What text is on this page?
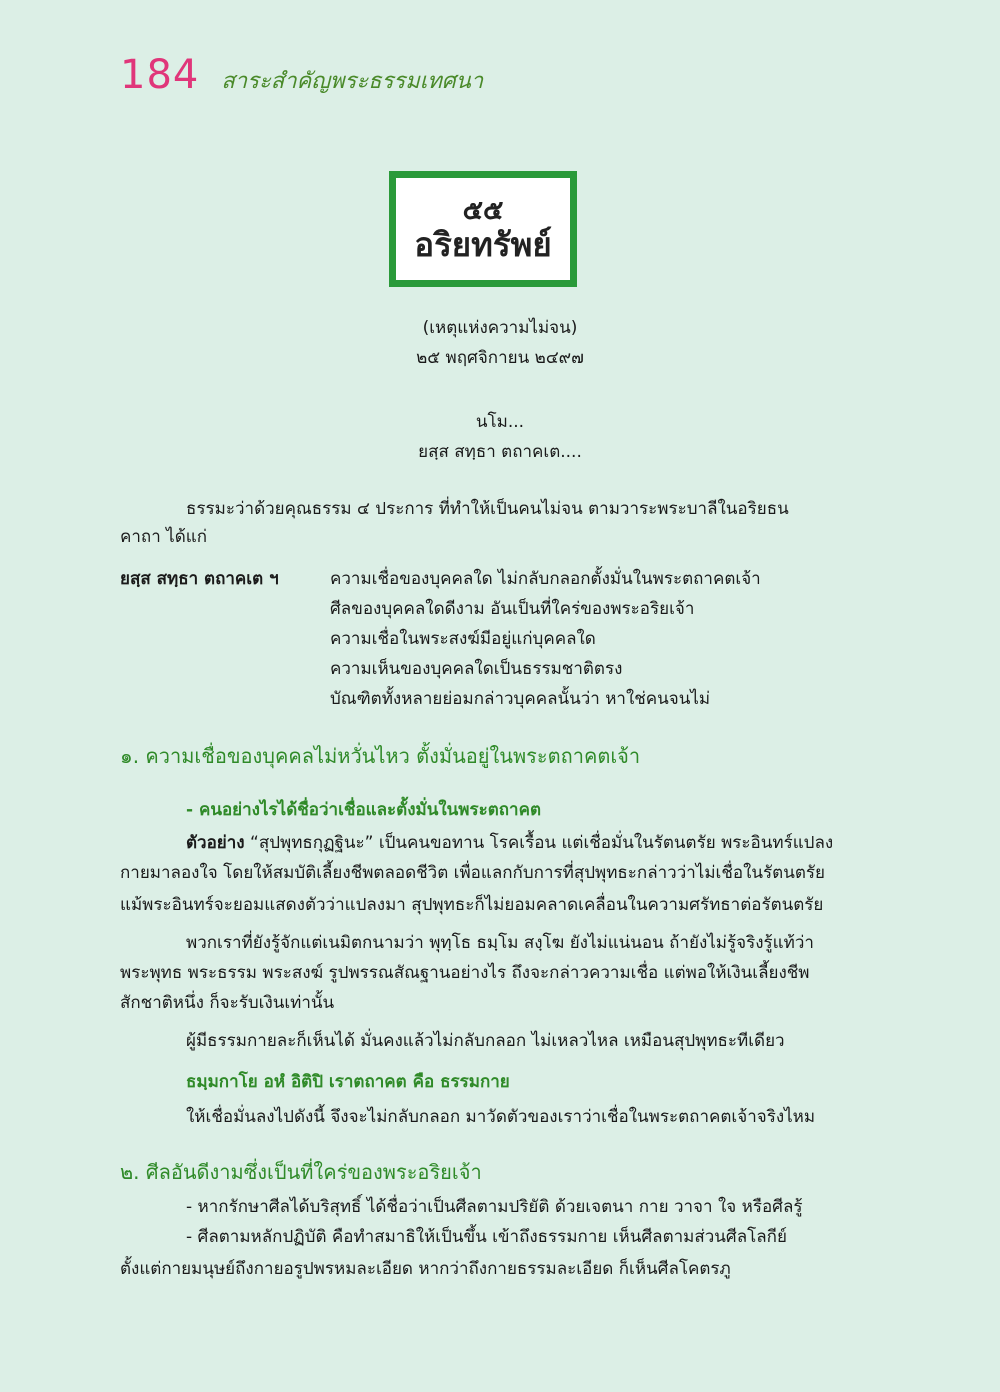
184 สาระสำคัญพระธรรมเทศนา
๕๕
อริยทรัพย์
(เหตุแห่งความไม่จน)
๒๕ พฤศจิกายน ๒๔๙๗
นโม...
ยสฺส สทฺธา ตถาคเต....
ธรรมะว่าด้วยคุณธรรม ๔ ประการ ที่ทำให้เป็นคนไม่จน ตามวาระพระบาลีในอริยธน
คาถา ได้แก่
ยสฺส สทฺธา ตถาคเต ฯ	ความเชื่อของบุคคลใด ไม่กลับกลอกตั้งมั่นในพระตถาคตเจ้า
ศีลของบุคคลใดดีงาม อันเป็นที่ใคร่ของพระอริยเจ้า
ความเชื่อในพระสงฆ์มีอยู่แก่บุคคลใด
ความเห็นของบุคคลใดเป็นธรรมชาติตรง
บัณฑิตทั้งหลายย่อมกล่าวบุคคลนั้นว่า หาใช่คนจนไม่
๑. ความเชื่อของบุคคลไม่หวั่นไหว ตั้งมั่นอยู่ในพระตถาคตเจ้า
- คนอย่างไรได้ชื่อว่าเชื่อและตั้งมั่นในพระตถาคต
ตัวอย่าง “สุปพุทธกุฏฐินะ” เป็นคนขอทาน โรคเรื้อน แต่เชื่อมั่นในรัตนตรัย พระอินทร์แปลง
กายมาลองใจ โดยให้สมบัติเลี้ยงชีพตลอดชีวิต เพื่อแลกกับการที่สุปพุทธะกล่าวว่าไม่เชื่อในรัตนตรัย
แม้พระอินทร์จะยอมแสดงตัวว่าแปลงมา สุปพุทธะก็ไม่ยอมคลาดเคลื่อนในความศรัทธาต่อรัตนตรัย
พวกเราที่ยังรู้จักแต่เนมิตกนามว่า พุทฺโธ ธมฺโม สงฺโฆ ยังไม่แน่นอน ถ้ายังไม่รู้จริงรู้แท้ว่า
พระพุทธ พระธรรม พระสงฆ์ รูปพรรณสัณฐานอย่างไร ถึงจะกล่าวความเชื่อ แต่พอให้เงินเลี้ยงชีพ
สักชาติหนึ่ง ก็จะรับเงินเท่านั้น
ผู้มีธรรมกายละก็เห็นได้ มั่นคงแล้วไม่กลับกลอก ไม่เหลวไหล เหมือนสุปพุทธะทีเดียว
ธมฺมกาโย อหํ อิติปิ เราตถาคต คือ ธรรมกาย
ให้เชื่อมั่นลงไปดังนี้ จึงจะไม่กลับกลอก มาวัดตัวของเราว่าเชื่อในพระตถาคตเจ้าจริงไหม
๒. ศีลอันดีงามซึ่งเป็นที่ใคร่ของพระอริยเจ้า
- หากรักษาศีลได้บริสุทธิ์ ได้ชื่อว่าเป็นศีลตามปริยัติ ด้วยเจตนา กาย วาจา ใจ หรือศีลรู้
- ศีลตามหลักปฏิบัติ คือทำสมาธิให้เป็นขึ้น เข้าถึงธรรมกาย เห็นศีลตามส่วนศีลโลกีย์
ตั้งแต่กายมนุษย์ถึงกายอรูปพรหมละเอียด หากว่าถึงกายธรรมละเอียด ก็เห็นศีลโคตรภู
